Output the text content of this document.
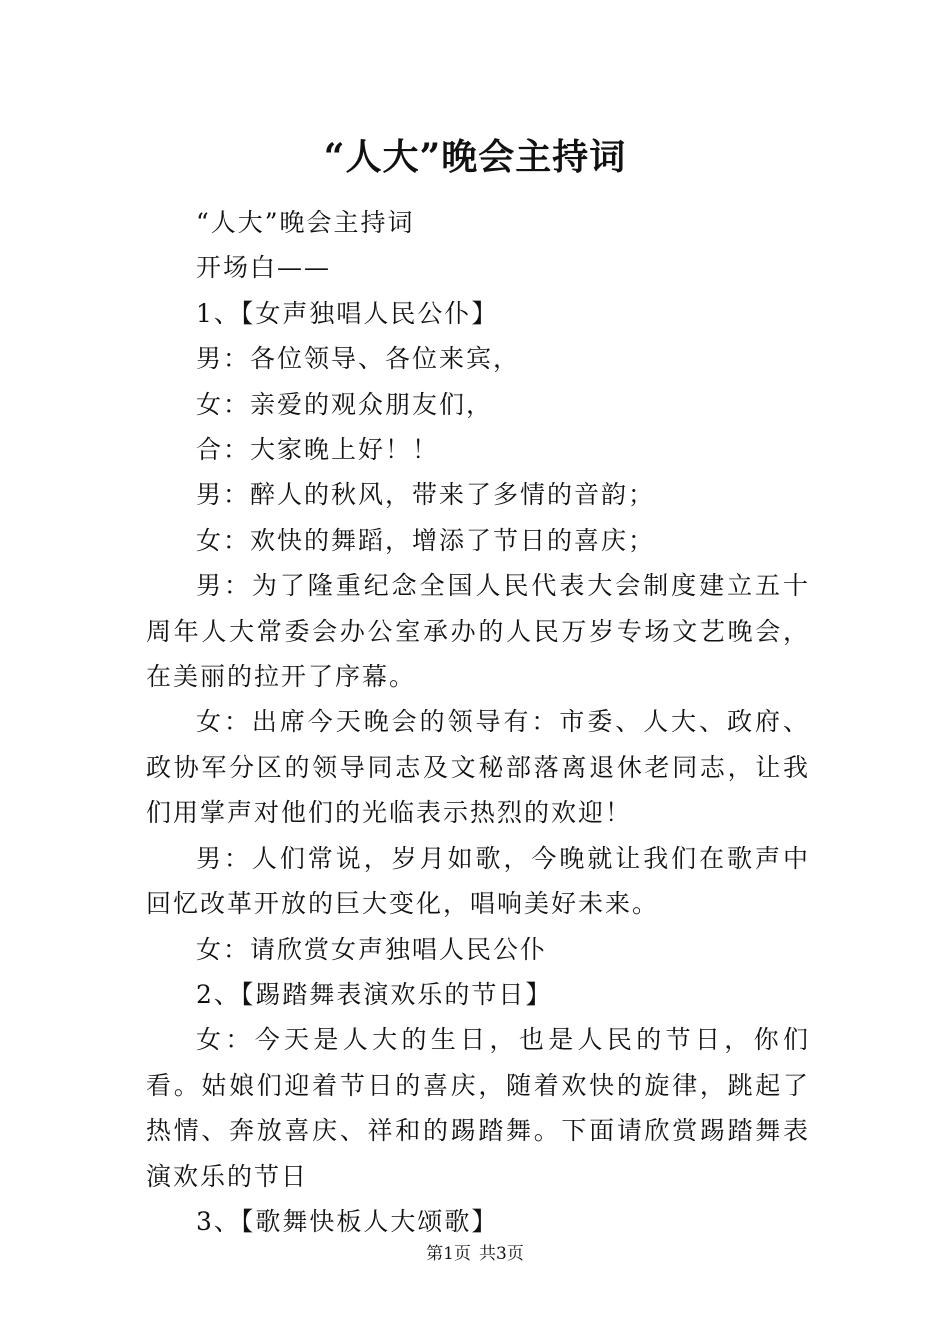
“人大”晚会主持词

“人大”晚会主持词

开场白——

1、【女声独唱人民公仆】

男：各位领导、各位来宾，

女：亲爱的观众朋友们，

合：大家晚上好！！

男：醉人的秋风，带来了多情的音韵；

女：欢快的舞蹈，增添了节日的喜庆；

男：为了隆重纪念全国人民代表大会制度建立五十周年人大常委会办公室承办的人民万岁专场文艺晚会，在美丽的拉开了序幕。

女：出席今天晚会的领导有：市委、人大、政府、政协军分区的领导同志及文秘部落离退休老同志，让我们用掌声对他们的光临表示热烈的欢迎！

男：人们常说，岁月如歌，今晚就让我们在歌声中回忆改革开放的巨大变化，唱响美好未来。

女：请欣赏女声独唱人民公仆

2、【踢踏舞表演欢乐的节日】

女：今天是人大的生日，也是人民的节日，你们看。姑娘们迎着节日的喜庆，随着欢快的旋律，跳起了热情、奔放喜庆、祥和的踢踏舞。下面请欣赏踢踏舞表演欢乐的节日

3、【歌舞快板人大颂歌】

第1页 共3页
